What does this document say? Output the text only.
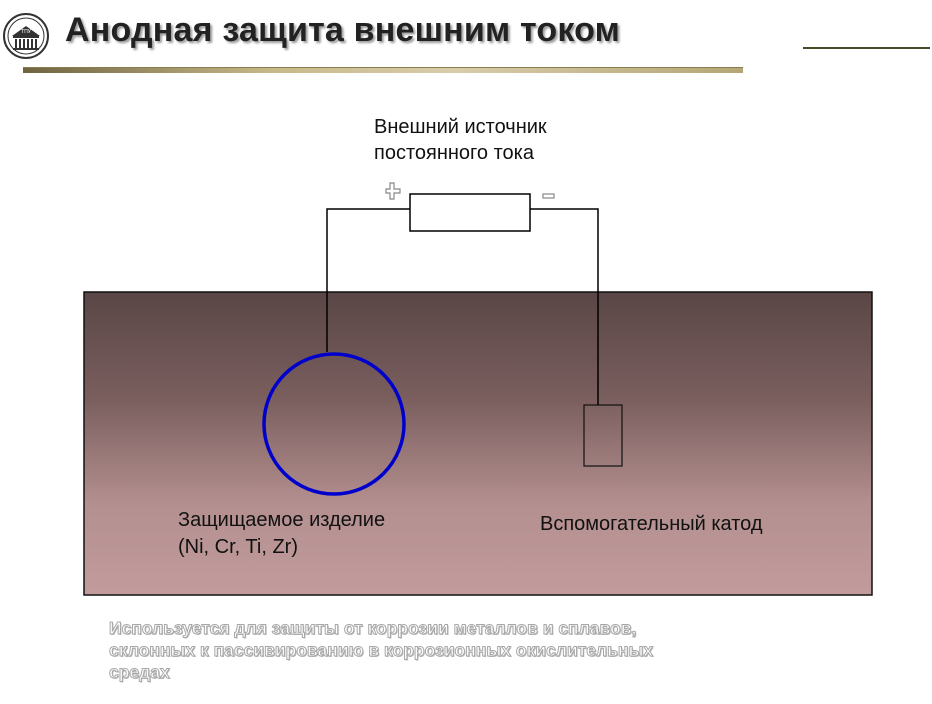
ТПУ Анодная защита внешним током
Внешний источник
постоянного тока
Защищаемое изделие
(Ni, Cr, Ti, Zr)
Вспомогательный катод
Используется для защиты от коррозии металлов и сплавов,
склонных к пассивированию в коррозионных окислительных
средах
